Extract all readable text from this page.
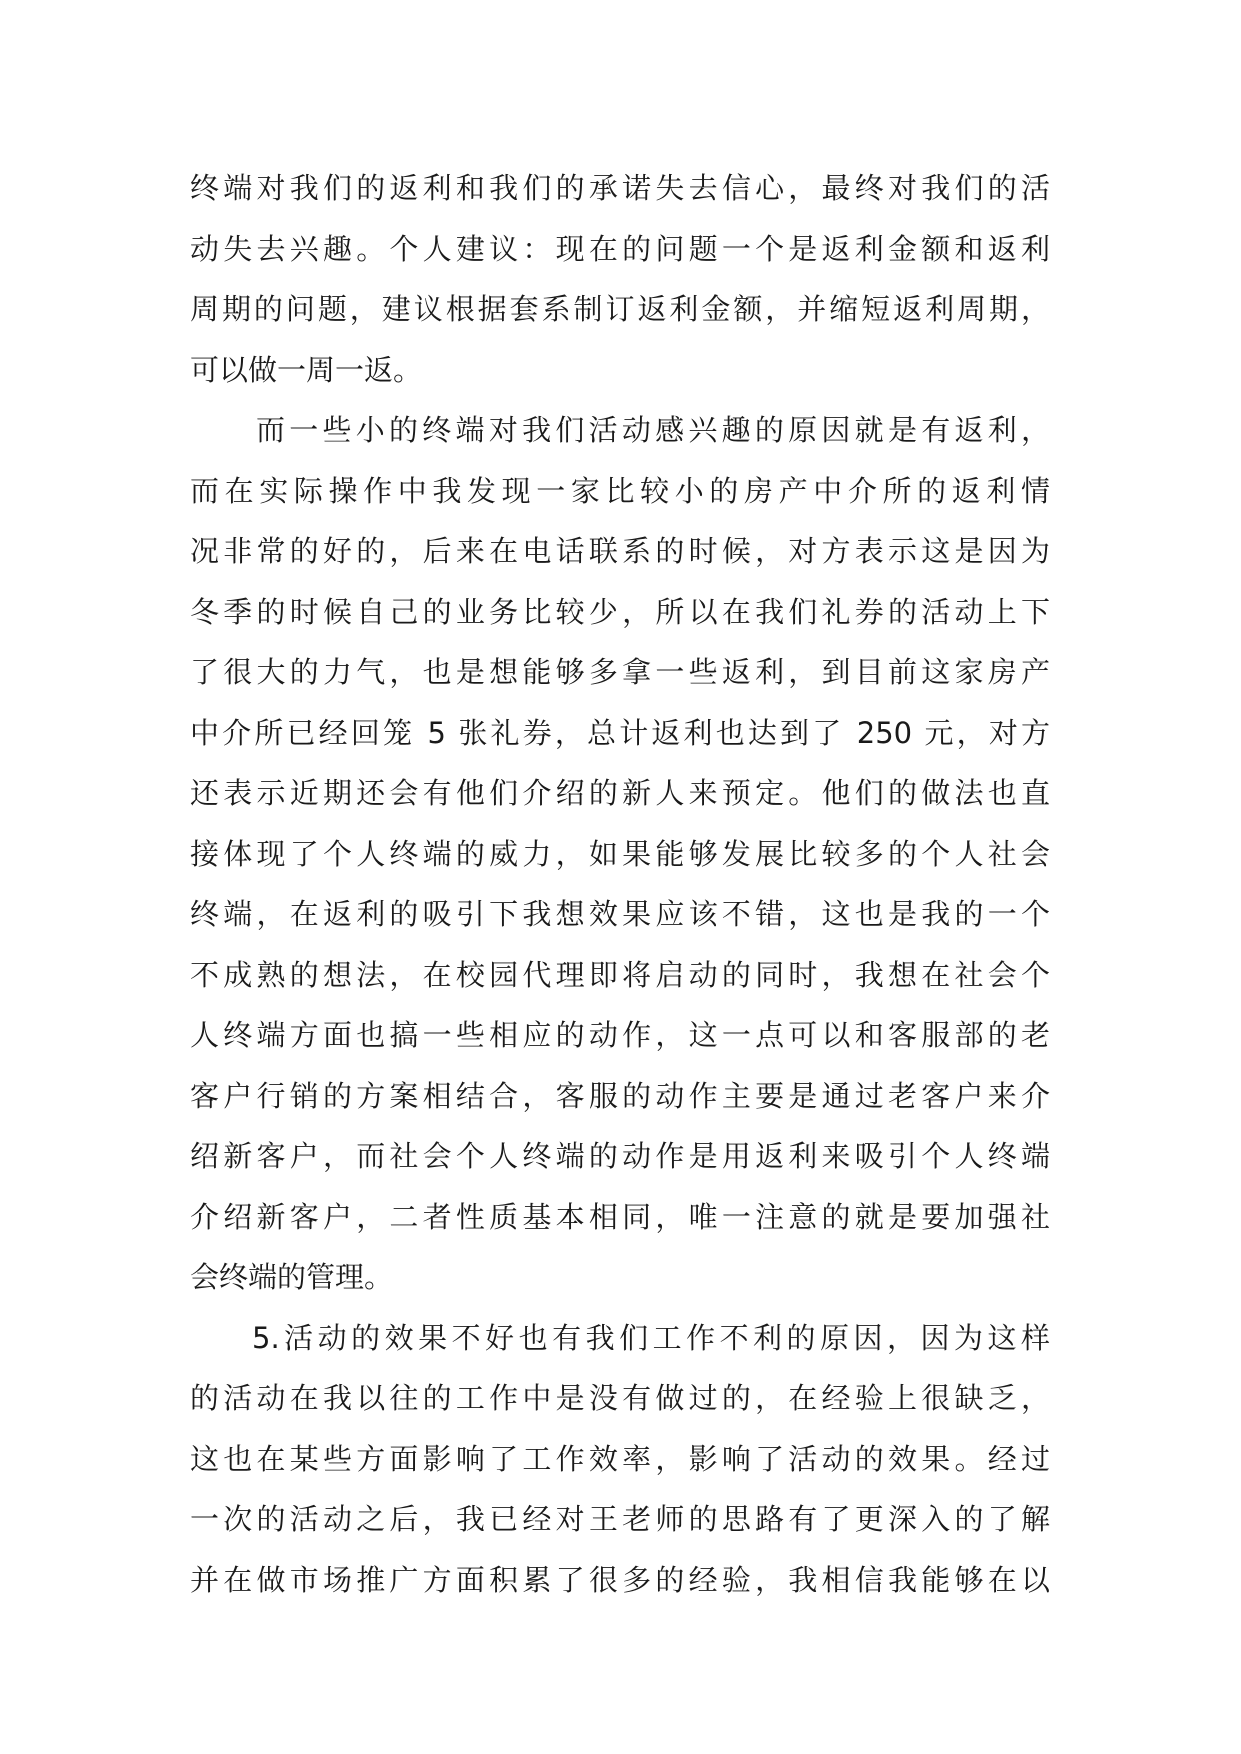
终端对我们的返利和我们的承诺失去信心，最终对我们的活
动失去兴趣。个人建议：现在的问题一个是返利金额和返利
周期的问题，建议根据套系制订返利金额，并缩短返利周期，
可以做一周一返。
而一些小的终端对我们活动感兴趣的原因就是有返利，
而在实际操作中我发现一家比较小的房产中介所的返利情
况非常的好的，后来在电话联系的时候，对方表示这是因为
冬季的时候自己的业务比较少，所以在我们礼券的活动上下
了很大的力气，也是想能够多拿一些返利，到目前这家房产
中介所已经回笼 5 张礼券，总计返利也达到了 250 元，对方
还表示近期还会有他们介绍的新人来预定。他们的做法也直
接体现了个人终端的威力，如果能够发展比较多的个人社会
终端，在返利的吸引下我想效果应该不错，这也是我的一个
不成熟的想法，在校园代理即将启动的同时，我想在社会个
人终端方面也搞一些相应的动作，这一点可以和客服部的老
客户行销的方案相结合，客服的动作主要是通过老客户来介
绍新客户，而社会个人终端的动作是用返利来吸引个人终端
介绍新客户，二者性质基本相同，唯一注意的就是要加强社
会终端的管理。
5.活动的效果不好也有我们工作不利的原因，因为这样
的活动在我以往的工作中是没有做过的，在经验上很缺乏，
这也在某些方面影响了工作效率，影响了活动的效果。经过
一次的活动之后，我已经对王老师的思路有了更深入的了解
并在做市场推广方面积累了很多的经验，我相信我能够在以
